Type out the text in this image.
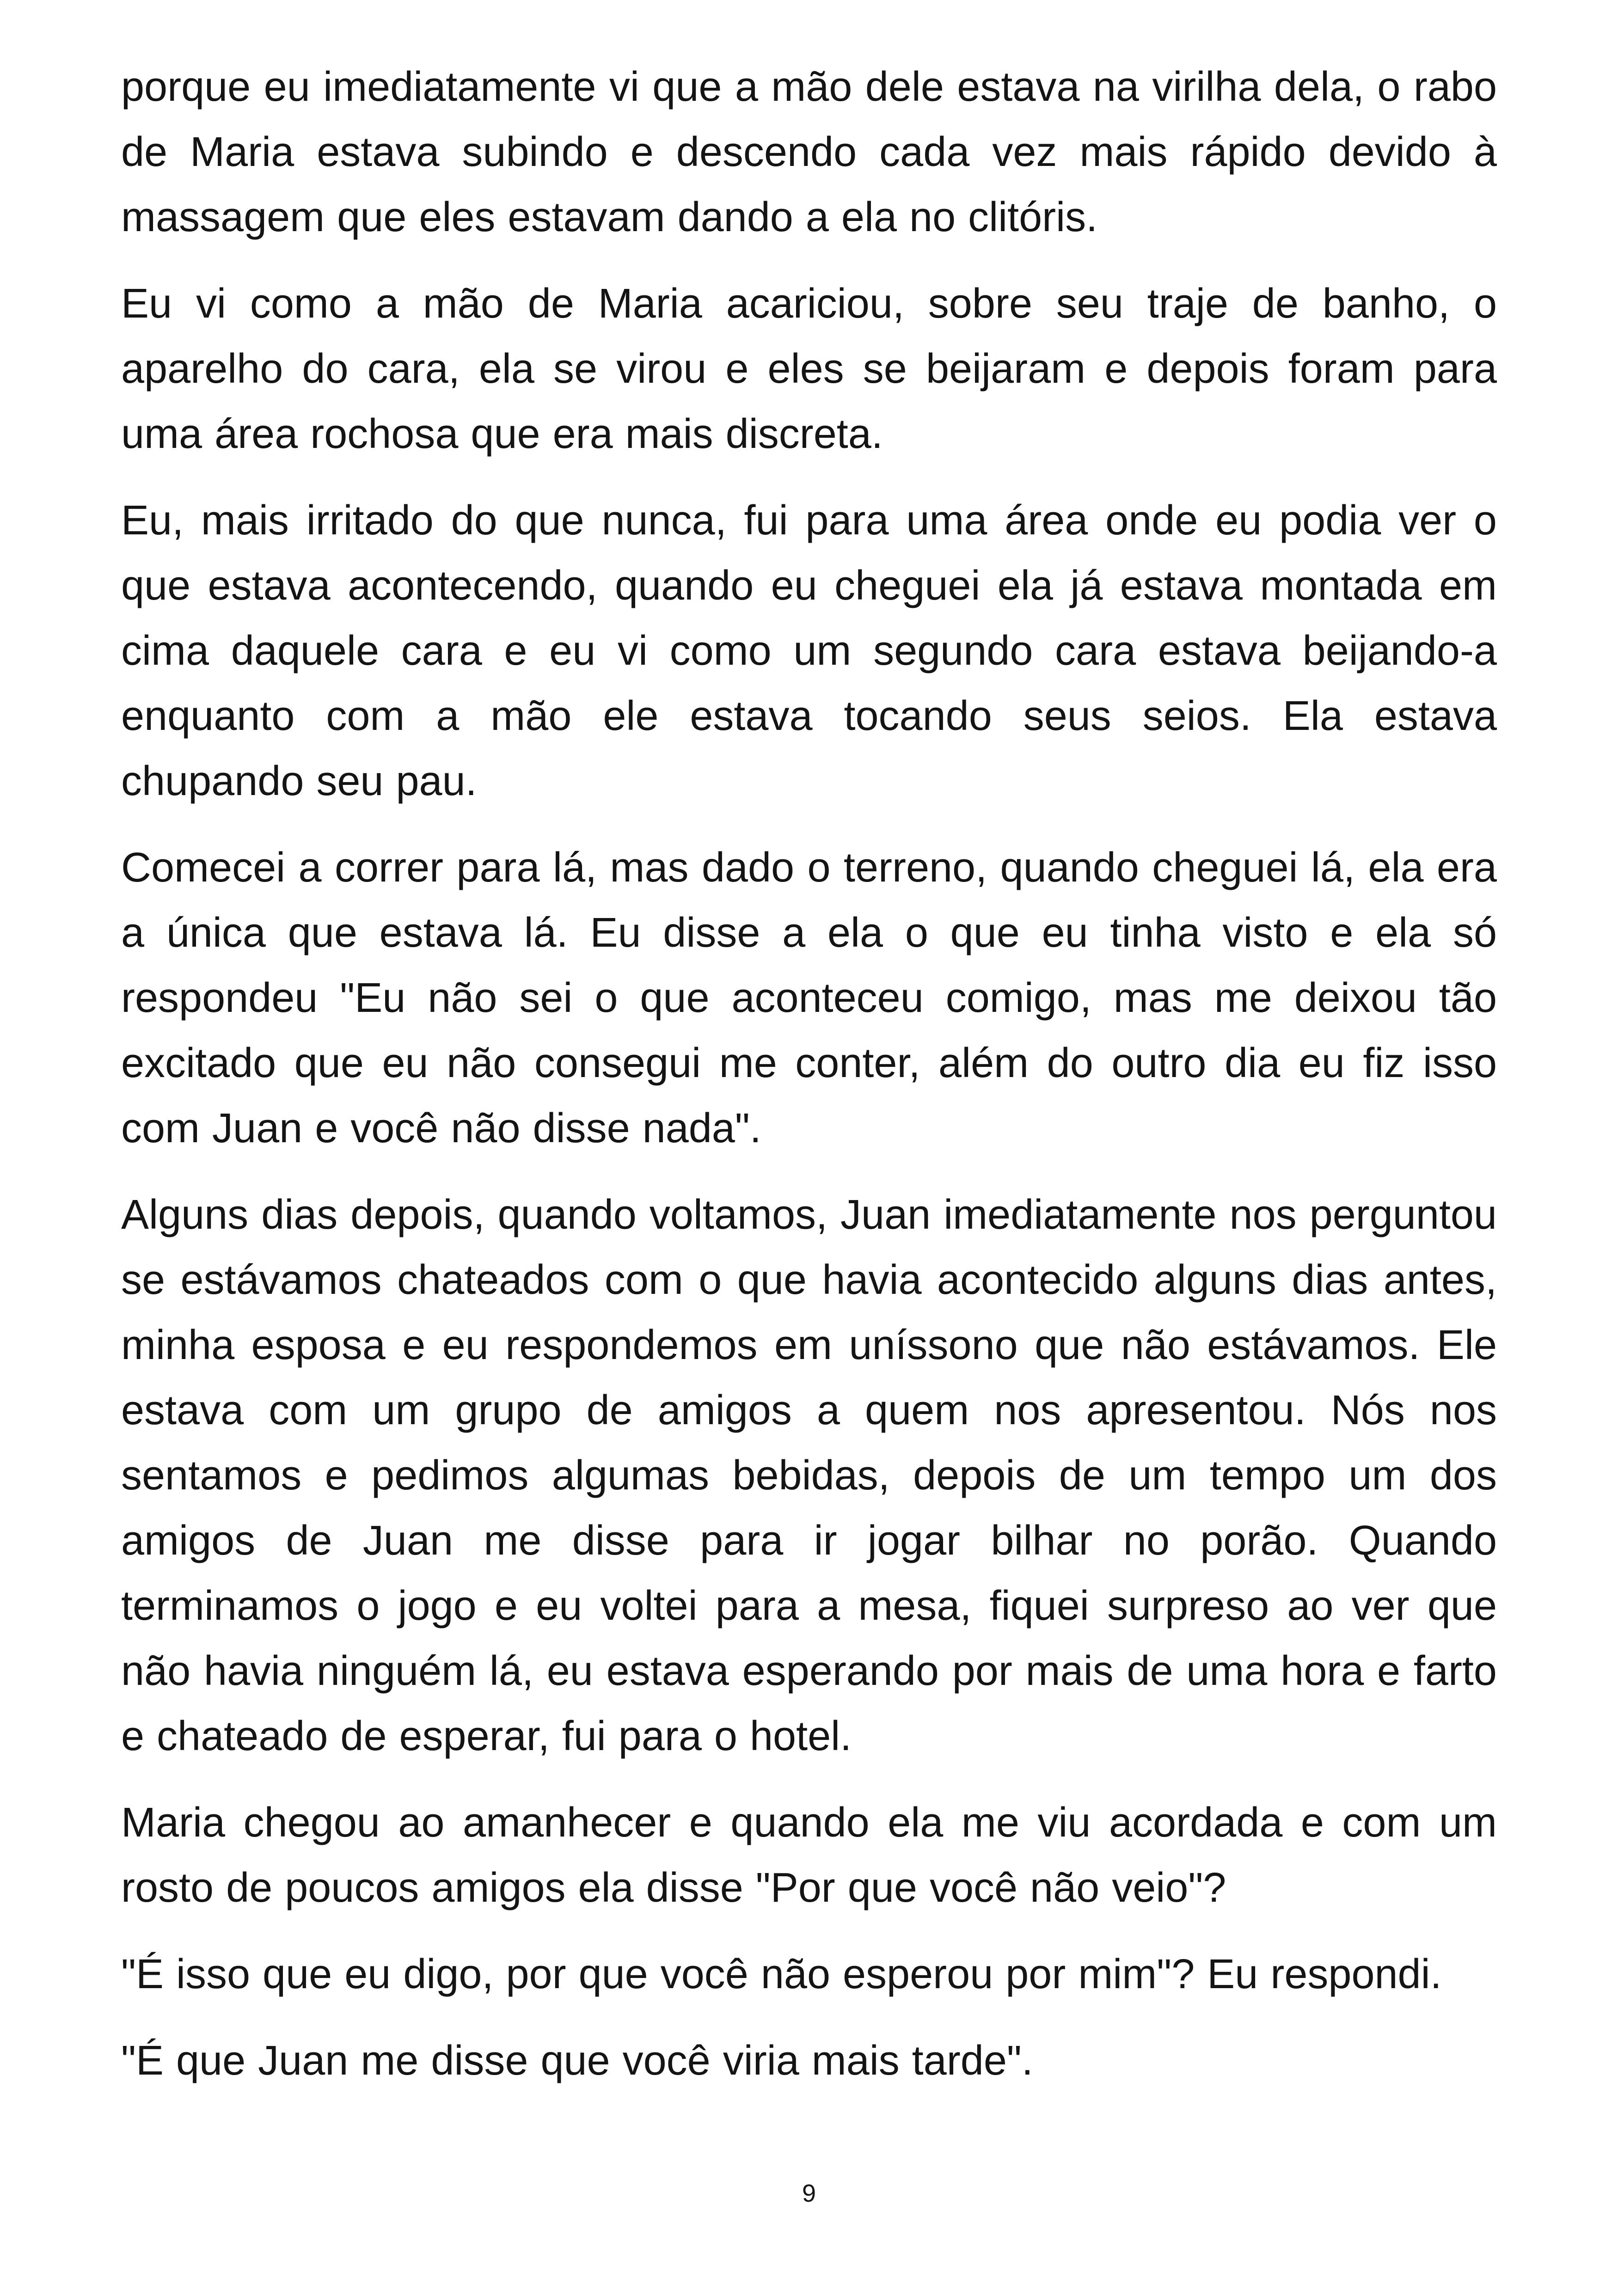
porque eu imediatamente vi que a mão dele estava na virilha dela, o rabo de Maria estava subindo e descendo cada vez mais rápido devido à massagem que eles estavam dando a ela no clitóris.

Eu vi como a mão de Maria acariciou, sobre seu traje de banho, o aparelho do cara, ela se virou e eles se beijaram e depois foram para uma área rochosa que era mais discreta.

Eu, mais irritado do que nunca, fui para uma área onde eu podia ver o que estava acontecendo, quando eu cheguei ela já estava montada em cima daquele cara e eu vi como um segundo cara estava beijando-a enquanto com a mão ele estava tocando seus seios. Ela estava chupando seu pau.

Comecei a correr para lá, mas dado o terreno, quando cheguei lá, ela era a única que estava lá. Eu disse a ela o que eu tinha visto e ela só respondeu "Eu não sei o que aconteceu comigo, mas me deixou tão excitado que eu não consegui me conter, além do outro dia eu fiz isso com Juan e você não disse nada".

Alguns dias depois, quando voltamos, Juan imediatamente nos perguntou se estávamos chateados com o que havia acontecido alguns dias antes, minha esposa e eu respondemos em uníssono que não estávamos. Ele estava com um grupo de amigos a quem nos apresentou. Nós nos sentamos e pedimos algumas bebidas, depois de um tempo um dos amigos de Juan me disse para ir jogar bilhar no porão. Quando terminamos o jogo e eu voltei para a mesa, fiquei surpreso ao ver que não havia ninguém lá, eu estava esperando por mais de uma hora e farto e chateado de esperar, fui para o hotel.

Maria chegou ao amanhecer e quando ela me viu acordada e com um rosto de poucos amigos ela disse "Por que você não veio"?

"É isso que eu digo, por que você não esperou por mim"? Eu respondi.

"É que Juan me disse que você viria mais tarde".

9
